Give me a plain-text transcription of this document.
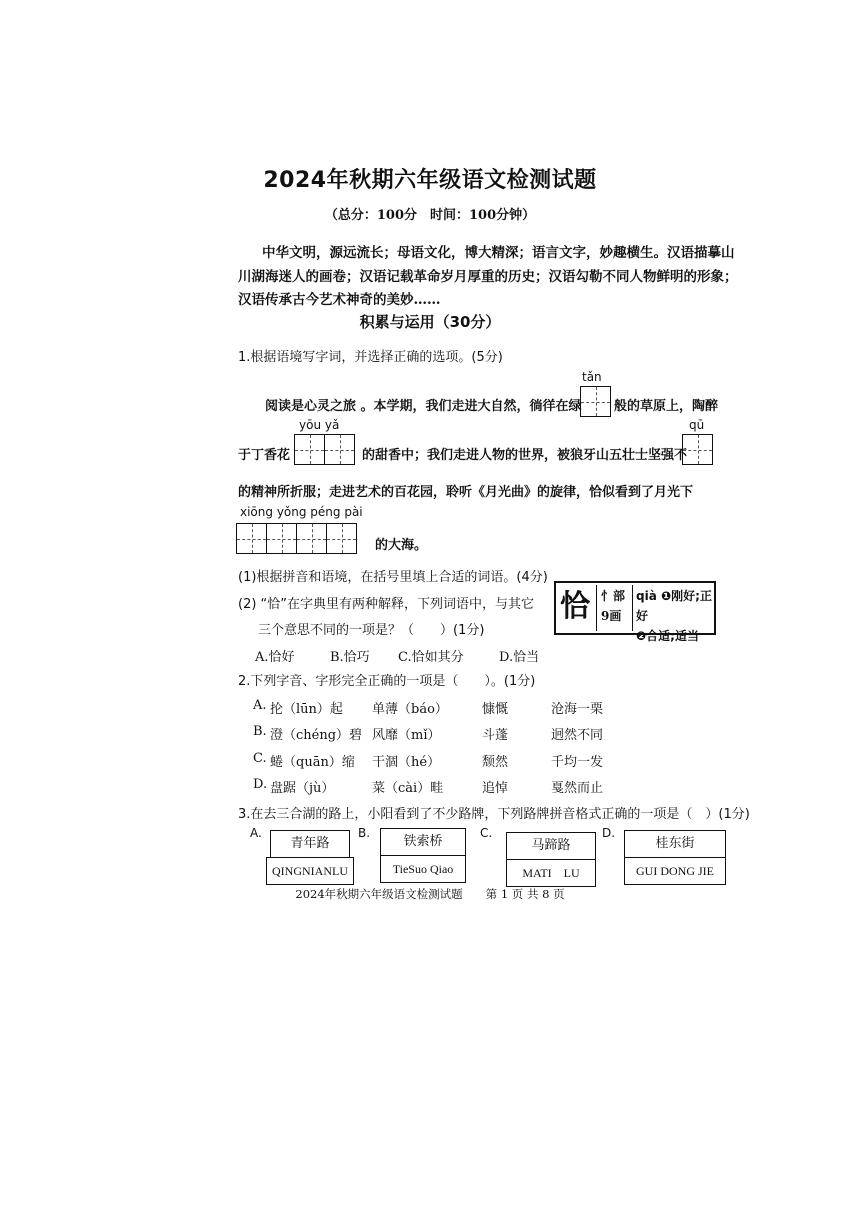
2024年秋期六年级语文检测试题
（总分：100分　时间：100分钟）
中华文明，源远流长；母语文化，博大精深；语言文字，妙趣横生。汉语描摹山
川湖海迷人的画卷；汉语记载革命岁月厚重的历史；汉语勾勒不同人物鲜明的形象；
汉语传承古今艺术神奇的美妙……
积累与运用（30分）
1.根据语境写字词，并选择正确的选项。(5分)
tǎn
阅读是心灵之旅 。本学期，我们走进大自然，徜徉在绿 般的草原上，陶醉
yōu yǎ	qū
于丁香花	的甜香中；我们走进人物的世界，被狼牙山五壮士坚强不
的精神所折服；走进艺术的百花园，聆听《月光曲》的旋律，恰似看到了月光下
xiōng yǒng péng pài
的大海。
(1)根据拼音和语境，在括号里填上合适的词语。(4分)
(2) “恰”在字典里有两种解释，下列词语中，与其它
三个意思不同的一项是？（　　）(1分)
恰 忄部
9画
qià ❶刚好;正好
❷合适;适当
A.恰好	B.恰巧 C.恰如其分	D.恰当
2.下列字音、字形完全正确的一项是（　　）。(1分)
A. 抡（lūn）起 单薄（báo）	慷慨	沧海一栗
B. 澄（chéng）碧 风靡（mǐ）	斗蓬	迥然不同
C. 蜷（quān）缩 干涸（hé）	颓然	千均一发
D. 盘踞（jù）	菜（cài）畦	追悼	戛然而止
3.在去三合湖的路上，小阳看到了不少路牌，下列路牌拼音格式正确的一项是（　）(1分)
A.
青年路
QINGNIANLU
B.
铁索桥
TieSuo Qiao
C.
马蹄路
MATI　LU
D.
桂东街
GUI DONG JIE
2024年秋期六年级语文检测试题　　第 1 页 共 8 页
